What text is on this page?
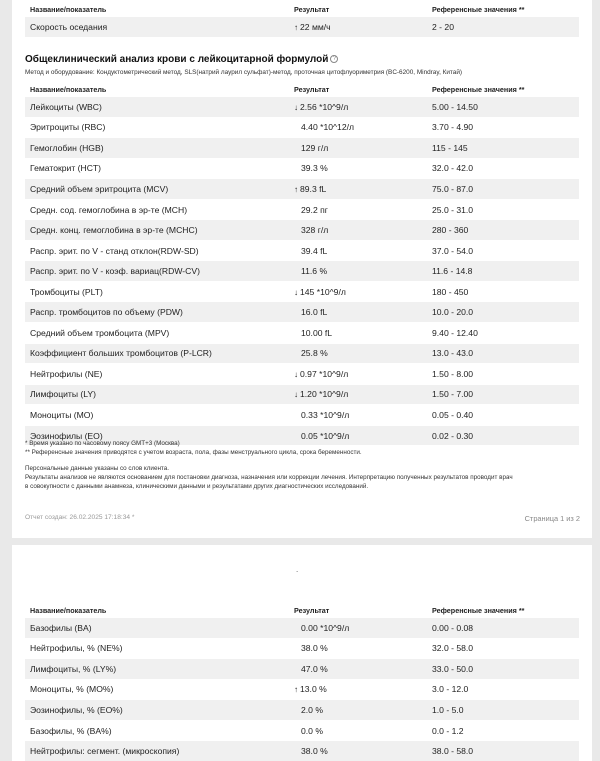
Название/показатель	Результат	Референсные значения **
Скорость оседания	↑ 22 мм/ч	2 - 20
Общеклинический анализ крови с лейкоцитарной формулой ?
Метод и оборудование: Кондуктометрический метод, SLS(натрий лаурил сульфат)-метод, проточная цитофлуориметрия (BC-6200, Mindray, Китай)
Название/показатель	Результат	Референсные значения **
Лейкоциты (WBC)	↓ 2.56 *10^9/л	5.00 - 14.50
Эритроциты (RBC)	4.40 *10^12/л	3.70 - 4.90
Гемоглобин (HGB)	129 г/л	115 - 145
Гематокрит (HCT)	39.3 %	32.0 - 42.0
Средний объем эритроцита (MCV)	↑ 89.3 fL	75.0 - 87.0
Средн. сод. гемоглобина в эр-те (MCH)	29.2 пг	25.0 - 31.0
Средн. конц. гемоглобина в эр-те (MCHC)	328 г/л	280 - 360
Распр. эрит. по V - станд отклон(RDW-SD)	39.4 fL	37.0 - 54.0
Распр. эрит. по V - коэф. вариац(RDW-CV)	11.6 %	11.6 - 14.8
Тромбоциты (PLT)	↓ 145 *10^9/л	180 - 450
Распр. тромбоцитов по объему (PDW)	16.0 fL	10.0 - 20.0
Средний объем тромбоцита (MPV)	10.00 fL	9.40 - 12.40
Коэффициент больших тромбоцитов (P-LCR)	25.8 %	13.0 - 43.0
Нейтрофилы (NE)	↓ 0.97 *10^9/л	1.50 - 8.00
Лимфоциты (LY)	↓ 1.20 *10^9/л	1.50 - 7.00
Моноциты (MO)	0.33 *10^9/л	0.05 - 0.40
Эозинофилы (EO)	0.05 *10^9/л	0.02 - 0.30
* Время указано по часовому поясу GMT+3 (Москва)
** Референсные значения приводятся с учетом возраста, пола, фазы менструального цикла, срока беременности.
Персональные данные указаны со слов клиента.
Результаты анализов не являются основанием для постановки диагноза, назначения или коррекции лечения. Интерпретацию полученных результатов проводит врач
в совокупности с данными анамнеза, клиническими данными и результатами других диагностических исследований.
Отчет создан: 26.02.2025 17:18:34 *	Страница 1 из 2
.
Название/показатель	Результат	Референсные значения **
Базофилы (BA)	0.00 *10^9/л	0.00 - 0.08
Нейтрофилы, % (NE%)	38.0 %	32.0 - 58.0
Лимфоциты, % (LY%)	47.0 %	33.0 - 50.0
Моноциты, % (MO%)	↑ 13.0 %	3.0 - 12.0
Эозинофилы, % (EO%)	2.0 %	1.0 - 5.0
Базофилы, % (BA%)	0.0 %	0.0 - 1.2
Нейтрофилы: сегмент. (микроскопия)	38.0 %	38.0 - 58.0
